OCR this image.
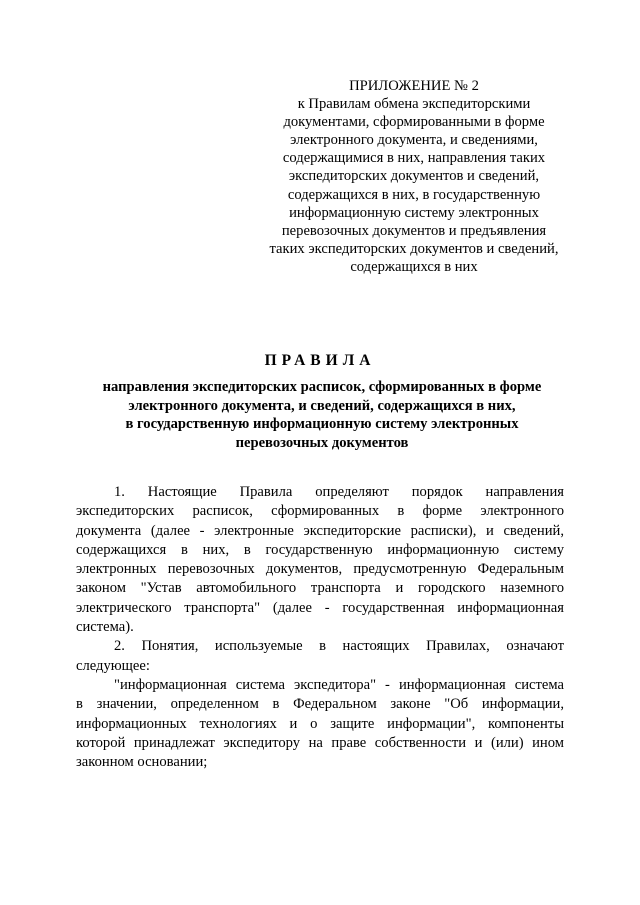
ПРИЛОЖЕНИЕ № 2
к Правилам обмена экспедиторскими
документами, сформированными в форме
электронного документа, и сведениями,
содержащимися в них, направления таких
экспедиторских документов и сведений,
содержащихся в них, в государственную
информационную систему электронных
перевозочных документов и предъявления
таких экспедиторских документов и сведений,
содержащихся в них
ПРАВИЛА
направления экспедиторских расписок, сформированных в форме
электронного документа, и сведений, содержащихся в них,
в государственную информационную систему электронных
перевозочных документов
1. Настоящие Правила определяют порядок направления
экспедиторских расписок, сформированных в форме электронного
документа (далее - электронные экспедиторские расписки), и сведений,
содержащихся в них, в государственную информационную систему
электронных перевозочных документов, предусмотренную Федеральным
законом "Устав автомобильного транспорта и городского наземного
электрического транспорта" (далее - государственная информационная
система).
2. Понятия, используемые в настоящих Правилах, означают
следующее:
"информационная система экспедитора" - информационная система
в значении, определенном в Федеральном законе "Об информации,
информационных технологиях и о защите информации", компоненты
которой принадлежат экспедитору на праве собственности и (или) ином
законном основании;
